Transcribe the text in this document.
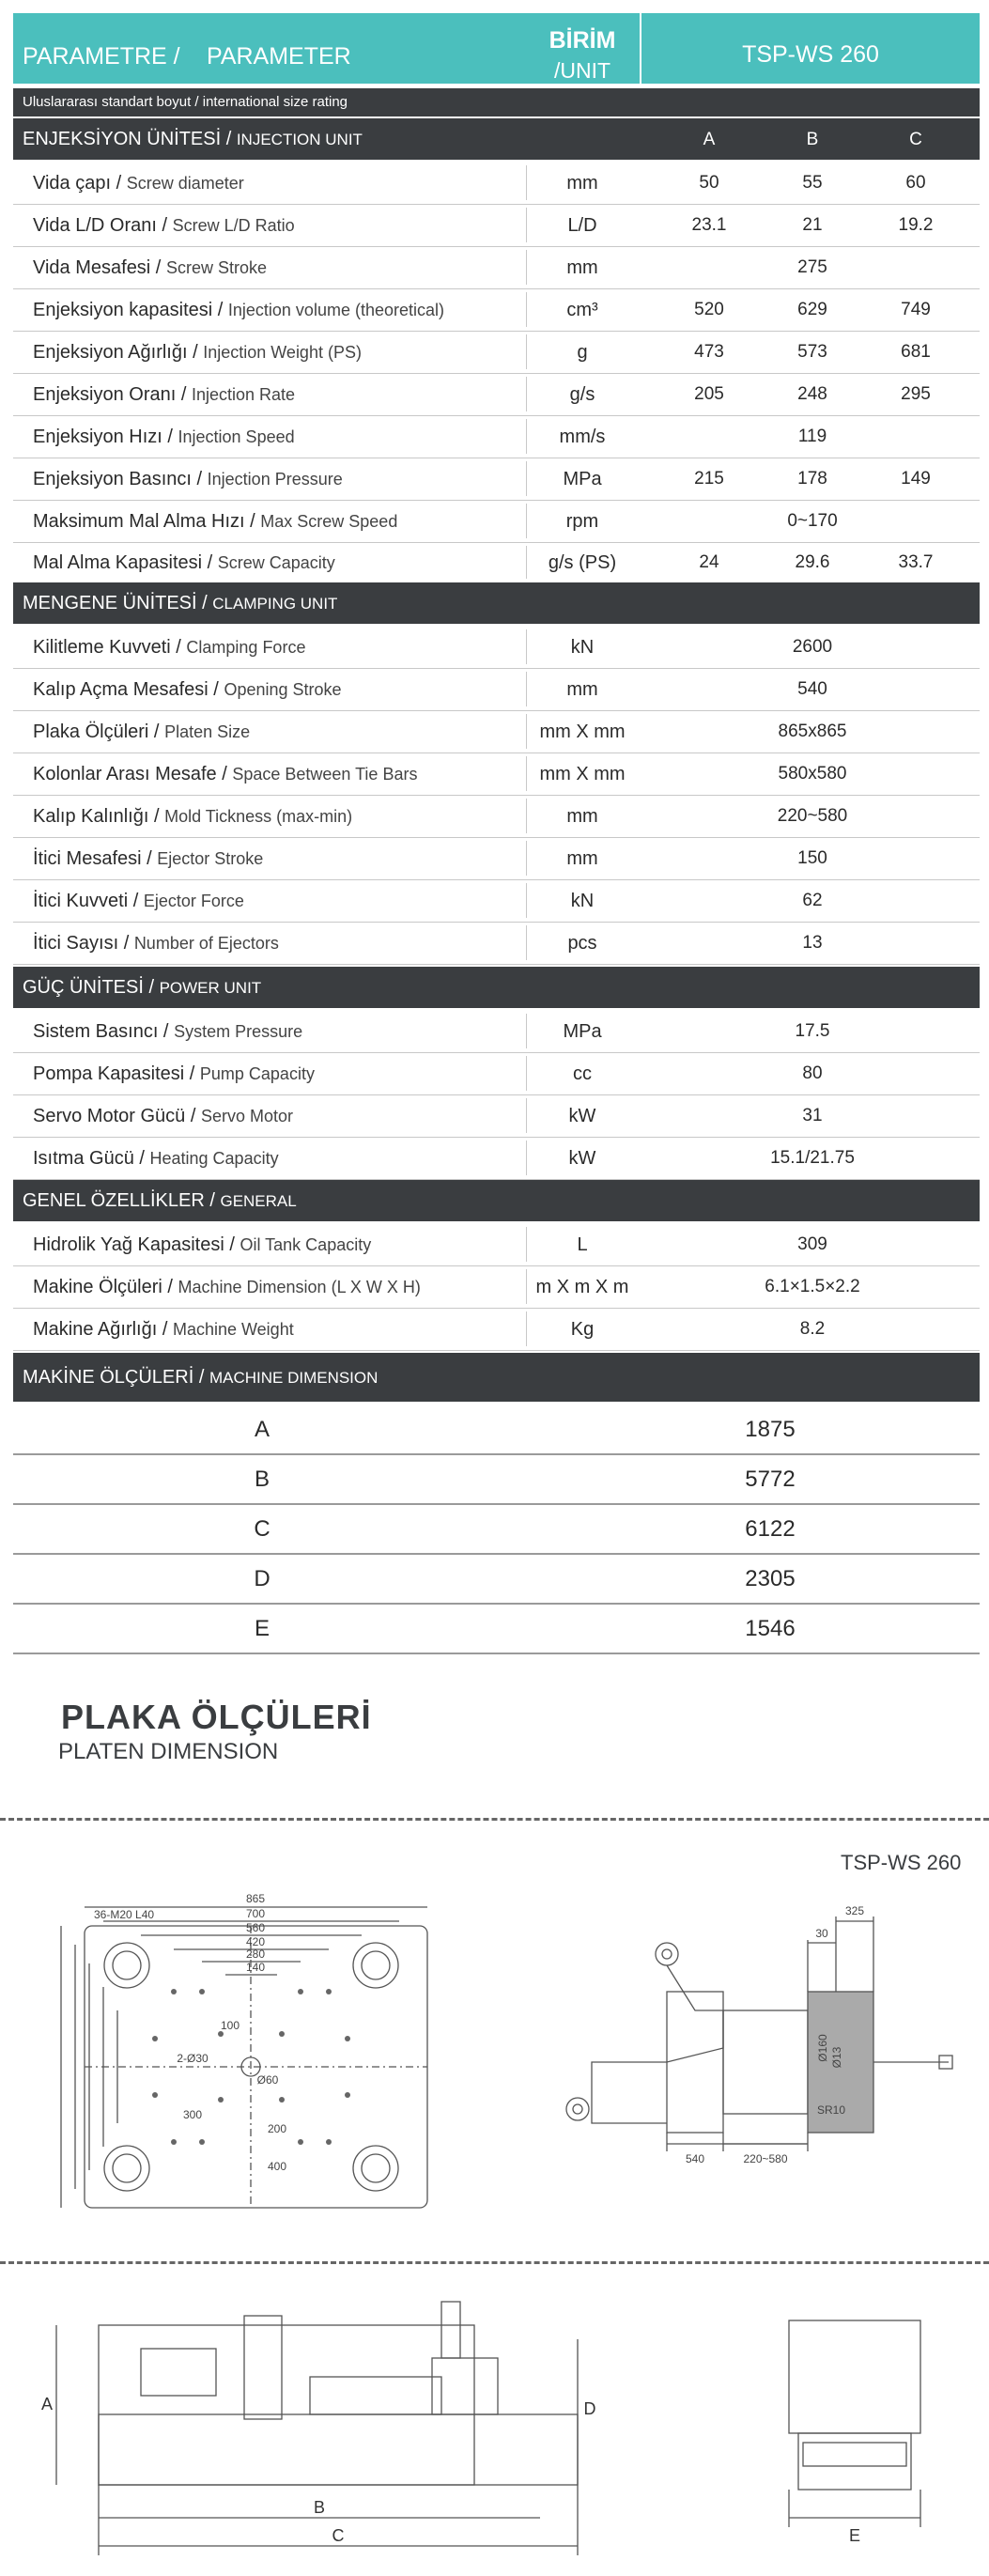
PARAMETRE / PARAMETER
BİRİM
/UNIT
TSP-WS 260
Uluslararası standart boyut / international size rating
ENJEKSİYON ÜNİTESİ / INJECTION UNIT	A	B	C
Vida çapı / Screw diameter	mm	50	55	60
Vida L/D Oranı / Screw L/D Ratio	L/D	23.1	21	19.2
Vida Mesafesi / Screw Stroke	mm	275
Enjeksiyon kapasitesi / Injection volume (theoretical)	cm³	520	629	749
Enjeksiyon Ağırlığı / Injection Weight (PS)	g	473	573	681
Enjeksiyon Oranı / Injection Rate	g/s	205	248	295
Enjeksiyon Hızı / Injection Speed	mm/s	119
Enjeksiyon Basıncı / Injection Pressure	MPa	215	178	149
Maksimum Mal Alma Hızı / Max Screw Speed	rpm	0~170
Mal Alma Kapasitesi / Screw Capacity	g/s (PS)	24	29.6	33.7
MENGENE ÜNİTESİ / CLAMPING UNIT
Kilitleme Kuvveti / Clamping Force	kN	2600
Kalıp Açma Mesafesi / Opening Stroke	mm	540
Plaka Ölçüleri / Platen Size	mm X mm	865x865
Kolonlar Arası Mesafe / Space Between Tie Bars	mm X mm	580x580
Kalıp Kalınlığı / Mold Tickness (max-min)	mm	220~580
İtici Mesafesi / Ejector Stroke	mm	150
İtici Kuvveti / Ejector Force	kN	62
İtici Sayısı / Number of Ejectors	pcs	13
GÜÇ ÜNİTESİ / POWER UNIT
Sistem Basıncı / System Pressure	MPa	17.5
Pompa Kapasitesi / Pump Capacity	cc	80
Servo Motor Gücü / Servo Motor	kW	31
Isıtma Gücü / Heating Capacity	kW	15.1/21.75
GENEL ÖZELLİKLER / GENERAL
Hidrolik Yağ Kapasitesi / Oil Tank Capacity	L	309
Makine Ölçüleri / Machine Dimension (L X W X H)	m X m X m	6.1×1.5×2.2
Makine Ağırlığı / Machine Weight	Kg	8.2
MAKİNE ÖLÇÜLERİ / MACHINE DIMENSION
A	1875
B	5772
C	6122
D	2305
E	1546
PLAKA ÖLÇÜLERİ
PLATEN DIMENSION
TSP-WS 260
865
700
560
420
280
140
36-M20 L40
2-Ø30
Ø60
100
200
300
400
325
30
Ø160 Ø13
SR10
540	220~580
A
B
C
D
E
